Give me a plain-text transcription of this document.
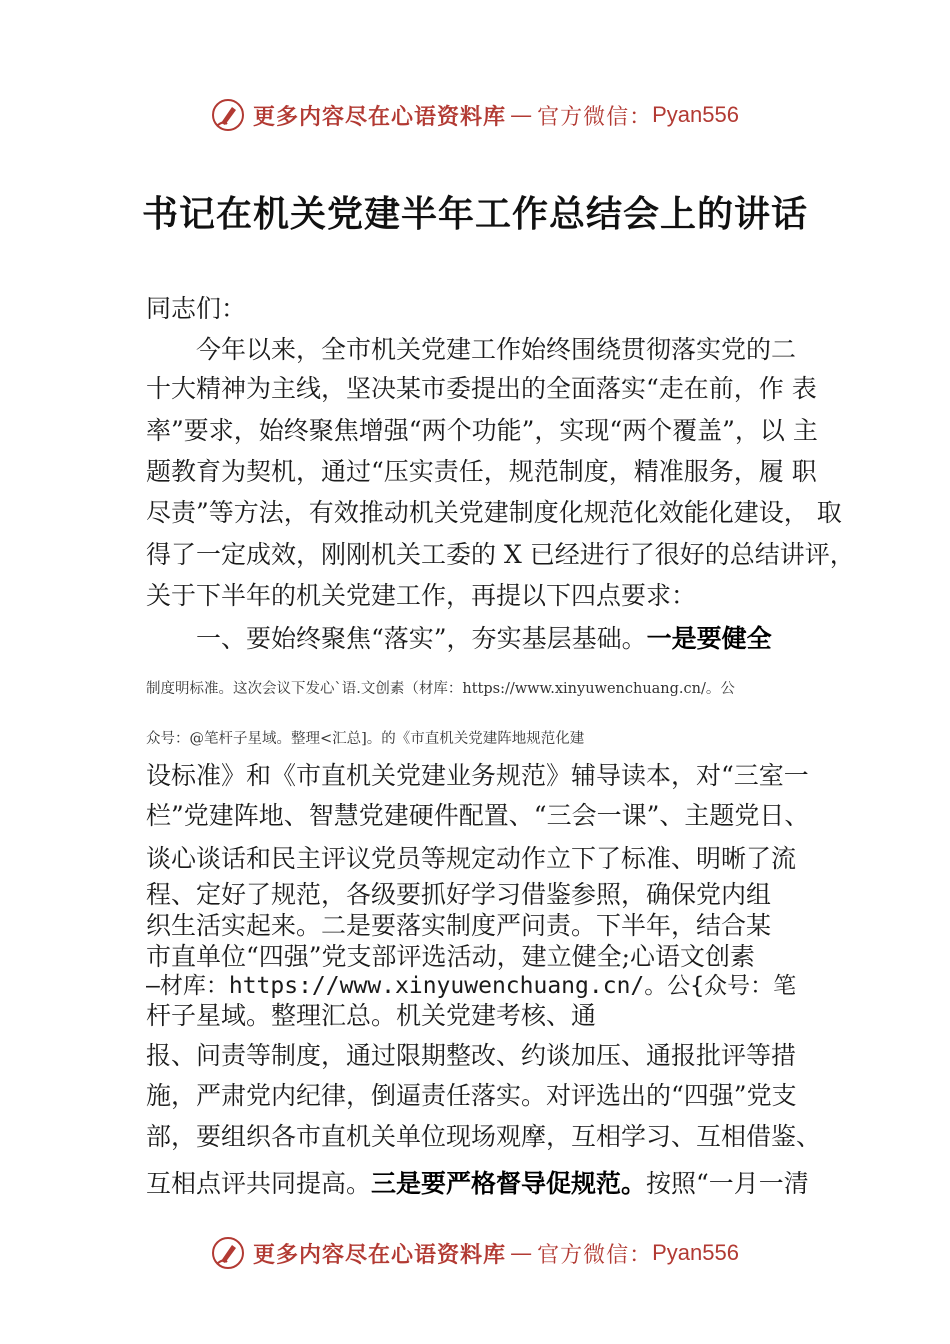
更多内容尽在心语资料库 — 官方微信： Pyan556
书记在机关党建半年工作总结会上的讲话
同志们：
今年以来，全市机关党建工作始终围绕贯彻落实党的二
十大精神为主线，坚决某市委提出的全面落实“走在前，作 表
率”要求，始终聚焦增强“两个功能”，实现“两个覆盖”，以 主
题教育为契机，通过“压实责任，规范制度，精准服务，履 职
尽责”等方法，有效推动机关党建制度化规范化效能化建设， 取
得了一定成效，刚刚机关工委的 X 已经进行了很好的总结讲评，
关于下半年的机关党建工作，再提以下四点要求：
一、要始终聚焦“落实”，夯实基层基础。一是要健全
制度明标准。这次会议下发心`语.文创素（材库：https://www.xinyuwenchuang.cn/。公
众号：@笔杆子星域。整理<汇总]。的《市直机关党建阵地规范化建
设标准》和《市直机关党建业务规范》辅导读本，对“三室一
栏”党建阵地、智慧党建硬件配置、“三会一课”、主题党日、
谈心谈话和民主评议党员等规定动作立下了标准、明晰了流
程、定好了规范，各级要抓好学习借鉴参照，确保党内组
织生活实起来。二是要落实制度严问责。下半年，结合某
市直单位“四强”党支部评选活动，建立健全;心语文创素
—材库：https://www.xinyuwenchuang.cn/。公{众号：笔
杆子星域。整理汇总。机关党建考核、通
报、问责等制度，通过限期整改、约谈加压、通报批评等措
施，严肃党内纪律，倒逼责任落实。对评选出的“四强”党支
部，要组织各市直机关单位现场观摩，互相学习、互相借鉴、
互相点评共同提高。三是要严格督导促规范。按照“一月一清
更多内容尽在心语资料库 — 官方微信： Pyan556
